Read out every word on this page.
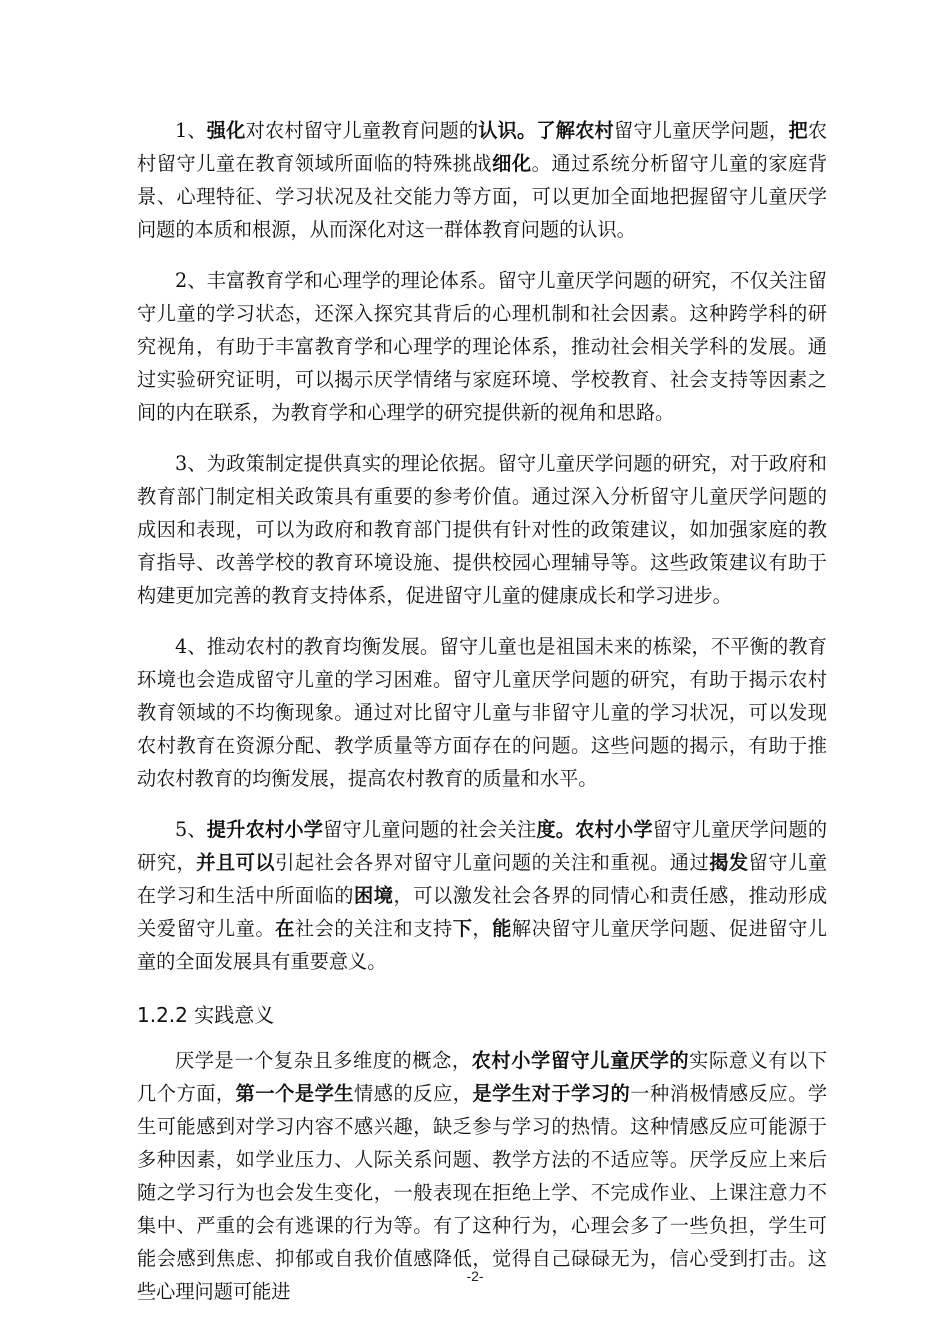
1、强化对农村留守儿童教育问题的认识。了解农村留守儿童厌学问题，把农村留守儿童在教育领域所面临的特殊挑战细化。通过系统分析留守儿童的家庭背景、心理特征、学习状况及社交能力等方面，可以更加全面地把握留守儿童厌学问题的本质和根源，从而深化对这一群体教育问题的认识。

2、丰富教育学和心理学的理论体系。留守儿童厌学问题的研究，不仅关注留守儿童的学习状态，还深入探究其背后的心理机制和社会因素。这种跨学科的研究视角，有助于丰富教育学和心理学的理论体系，推动社会相关学科的发展。通过实验研究证明，可以揭示厌学情绪与家庭环境、学校教育、社会支持等因素之间的内在联系，为教育学和心理学的研究提供新的视角和思路。

3、为政策制定提供真实的理论依据。留守儿童厌学问题的研究，对于政府和教育部门制定相关政策具有重要的参考价值。通过深入分析留守儿童厌学问题的成因和表现，可以为政府和教育部门提供有针对性的政策建议，如加强家庭的教育指导、改善学校的教育环境设施、提供校园心理辅导等。这些政策建议有助于构建更加完善的教育支持体系，促进留守儿童的健康成长和学习进步。

4、推动农村的教育均衡发展。留守儿童也是祖国未来的栋梁，不平衡的教育环境也会造成留守儿童的学习困难。留守儿童厌学问题的研究，有助于揭示农村教育领域的不均衡现象。通过对比留守儿童与非留守儿童的学习状况，可以发现农村教育在资源分配、教学质量等方面存在的问题。这些问题的揭示，有助于推动农村教育的均衡发展，提高农村教育的质量和水平。

5、提升农村小学留守儿童问题的社会关注度。农村小学留守儿童厌学问题的研究，并且可以引起社会各界对留守儿童问题的关注和重视。通过揭发留守儿童在学习和生活中所面临的困境，可以激发社会各界的同情心和责任感，推动形成关爱留守儿童。在社会的关注和支持下，能解决留守儿童厌学问题、促进留守儿童的全面发展具有重要意义。

1.2.2 实践意义

厌学是一个复杂且多维度的概念，农村小学留守儿童厌学的实际意义有以下几个方面，第一个是学生情感的反应，是学生对于学习的一种消极情感反应。学生可能感到对学习内容不感兴趣，缺乏参与学习的热情。这种情感反应可能源于多种因素，如学业压力、人际关系问题、教学方法的不适应等。厌学反应上来后随之学习行为也会发生变化，一般表现在拒绝上学、不完成作业、上课注意力不集中、严重的会有逃课的行为等。有了这种行为，心理会多了一些负担，学生可能会感到焦虑、抑郁或自我价值感降低，觉得自己碌碌无为，信心受到打击。这些心理问题可能进

-2-
